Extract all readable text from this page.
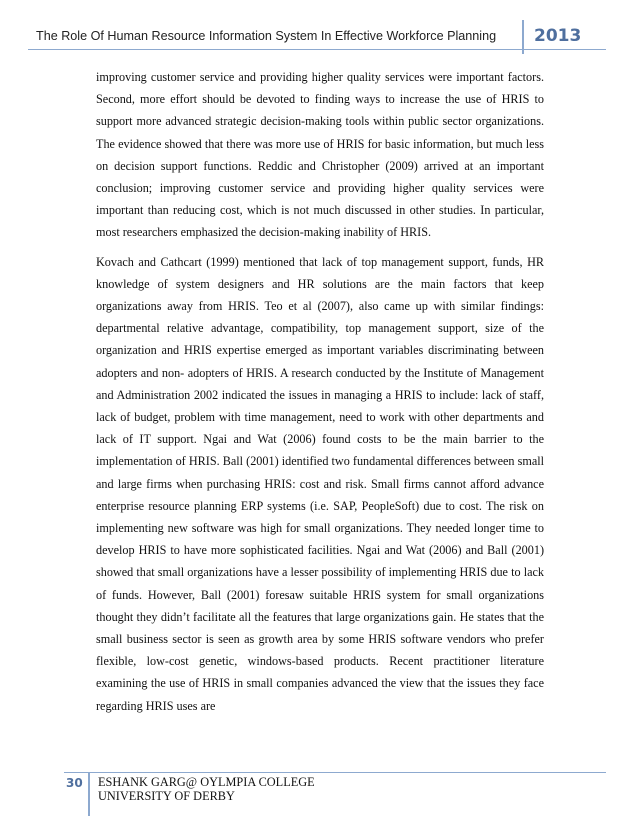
The Role Of Human Resource Information System In Effective Workforce Planning 2013

improving customer service and providing higher quality services were important factors. Second, more effort should be devoted to finding ways to increase the use of HRIS to support more advanced strategic decision-making tools within public sector organizations. The evidence showed that there was more use of HRIS for basic information, but much less on decision support functions. Reddic and Christopher (2009) arrived at an important conclusion; improving customer service and providing higher quality services were important than reducing cost, which is not much discussed in other studies. In particular, most researchers emphasized the decision-making inability of HRIS.

Kovach and Cathcart (1999) mentioned that lack of top management support, funds, HR knowledge of system designers and HR solutions are the main factors that keep organizations away from HRIS. Teo et al (2007), also came up with similar findings: departmental relative advantage, compatibility, top management support, size of the organization and HRIS expertise emerged as important variables discriminating between adopters and non- adopters of HRIS. A research conducted by the Institute of Management and Administration 2002 indicated the issues in managing a HRIS to include: lack of staff, lack of budget, problem with time management, need to work with other departments and lack of IT support. Ngai and Wat (2006) found costs to be the main barrier to the implementation of HRIS. Ball (2001) identified two fundamental differences between small and large firms when purchasing HRIS: cost and risk. Small firms cannot afford advance enterprise resource planning ERP systems (i.e. SAP, PeopleSoft) due to cost. The risk on implementing new software was high for small organizations. They needed longer time to develop HRIS to have more sophisticated facilities. Ngai and Wat (2006) and Ball (2001) showed that small organizations have a lesser possibility of implementing HRIS due to lack of funds. However, Ball (2001) foresaw suitable HRIS system for small organizations thought they didn’t facilitate all the features that large organizations gain. He states that the small business sector is seen as growth area by some HRIS software vendors who prefer flexible, low-cost genetic, windows-based products. Recent practitioner literature examining the use of HRIS in small companies advanced the view that the issues they face regarding HRIS uses are

30 ESHANK GARG@ OYLMPIA COLLEGE
UNIVERSITY OF DERBY
